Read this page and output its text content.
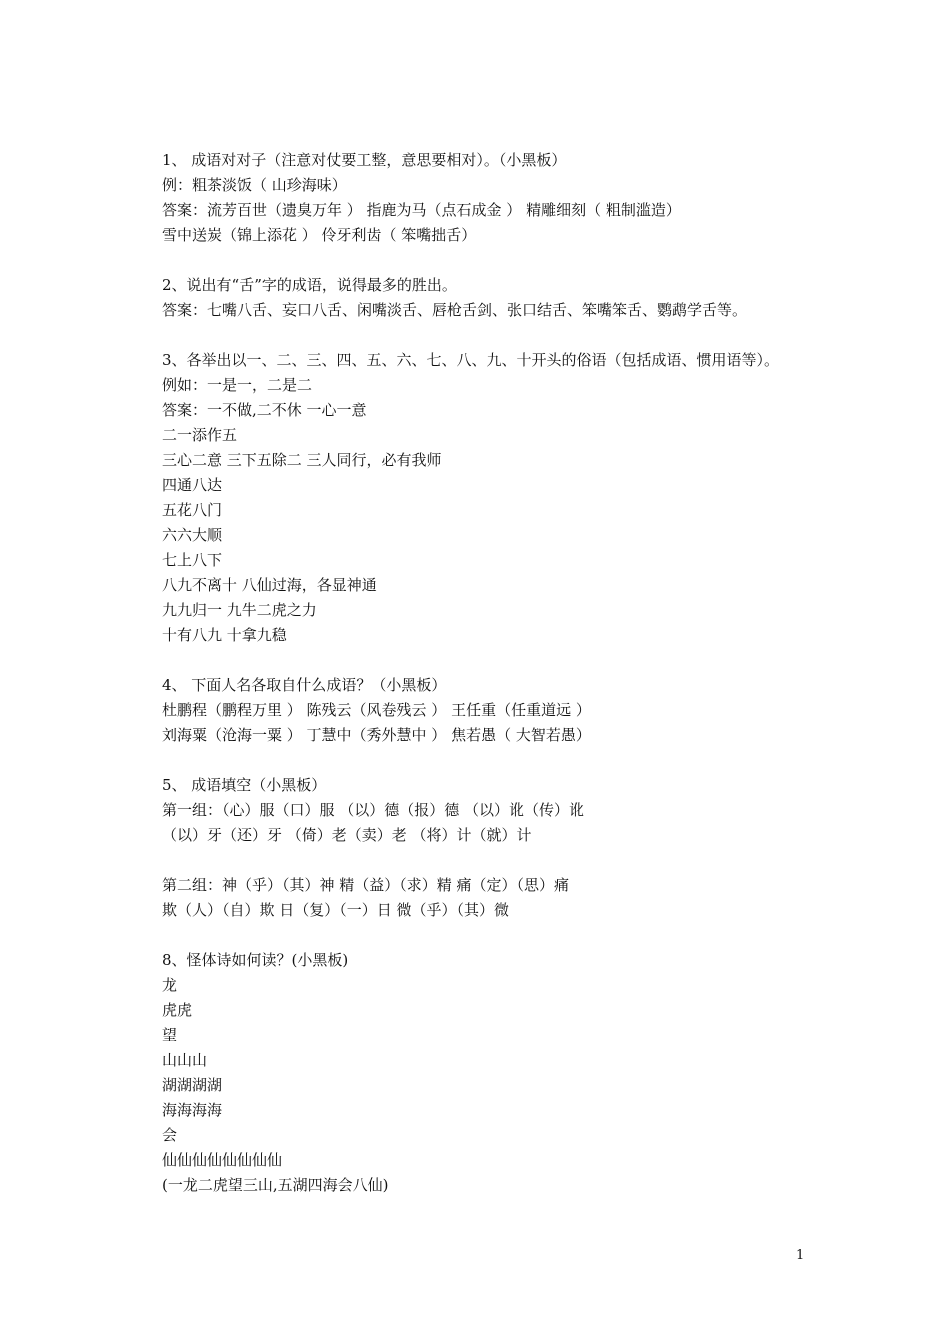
1、 成语对对子（注意对仗要工整，意思要相对）。（小黑板）
例：粗茶淡饭（ 山珍海味）
答案：流芳百世（遗臭万年 ） 指鹿为马（点石成金 ） 精雕细刻（ 粗制滥造）
雪中送炭（锦上添花 ） 伶牙利齿（ 笨嘴拙舌）
2、说出有“舌”字的成语，说得最多的胜出。
答案：七嘴八舌、妄口八舌、闲嘴淡舌、唇枪舌剑、张口结舌、笨嘴笨舌、鹦鹉学舌等。
3、各举出以一、二、三、四、五、六、七、八、九、十开头的俗语（包括成语、惯用语等）。
例如：一是一，二是二
答案：一不做,二不休 一心一意
二一添作五
三心二意 三下五除二 三人同行，必有我师
四通八达
五花八门
六六大顺
七上八下
八九不离十 八仙过海，各显神通
九九归一 九牛二虎之力
十有八九 十拿九稳
4、 下面人名各取自什么成语？（小黑板）
杜鹏程（鹏程万里 ） 陈残云（风卷残云 ） 王任重（任重道远 ）
刘海粟（沧海一粟 ） 丁慧中（秀外慧中 ） 焦若愚（ 大智若愚）
5、 成语填空（小黑板）
第一组：（心）服（口）服 （以）德（报）德 （以）讹（传）讹
（以）牙（还）牙 （倚）老（卖）老 （将）计（就）计
第二组：神（乎）（其）神 精（益）（求）精 痛（定）（思）痛
欺（人）（自）欺 日（复）（一）日 微（乎）（其）微
8、怪体诗如何读？(小黑板)
龙
虎虎
望
山山山
湖湖湖湖
海海海海
会
仙仙仙仙仙仙仙仙
(一龙二虎望三山,五湖四海会八仙)
1
